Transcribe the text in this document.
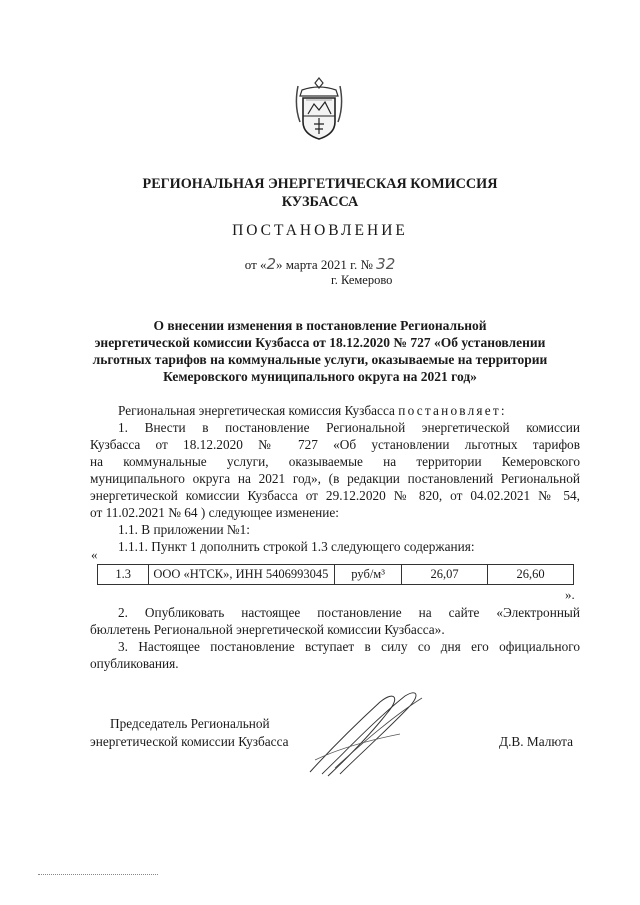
РЕГИОНАЛЬНАЯ ЭНЕРГЕТИЧЕСКАЯ КОМИССИЯ
КУЗБАССА
ПОСТАНОВЛЕНИЕ
от «2» марта 2021 г. № 32
г. Кемерово
О внесении изменения в постановление Региональной
энергетической комиссии Кузбасса от 18.12.2020 № 727 «Об установлении
льготных тарифов на коммунальные услуги, оказываемые на территории
Кемеровского муниципального округа на 2021 год»
Региональная энергетическая комиссия Кузбасса постановляет:
1. Внести в постановление Региональной энергетической комиссии
Кузбасса от 18.12.2020 № 727 «Об установлении льготных тарифов
на коммунальные услуги, оказываемые на территории Кемеровского
муниципального округа на 2021 год», (в редакции постановлений Региональной
энергетической комиссии Кузбасса от 29.12.2020 № 820, от 04.02.2021 № 54,
от 11.02.2021 № 64 ) следующее изменение:
1.1. В приложении №1:
1.1.1. Пункт 1 дополнить строкой 1.3 следующего содержания:
2. Опубликовать настоящее постановление на сайте «Электронный
бюллетень Региональной энергетической комиссии Кузбасса».
3. Настоящее постановление вступает в силу со дня его официального
опубликования.
«
1.3	ООО «НТСК», ИНН 5406993045	руб/м³	26,07	26,60
».
Председатель Региональной
энергетической комиссии Кузбасса	Д.В. Малюта
